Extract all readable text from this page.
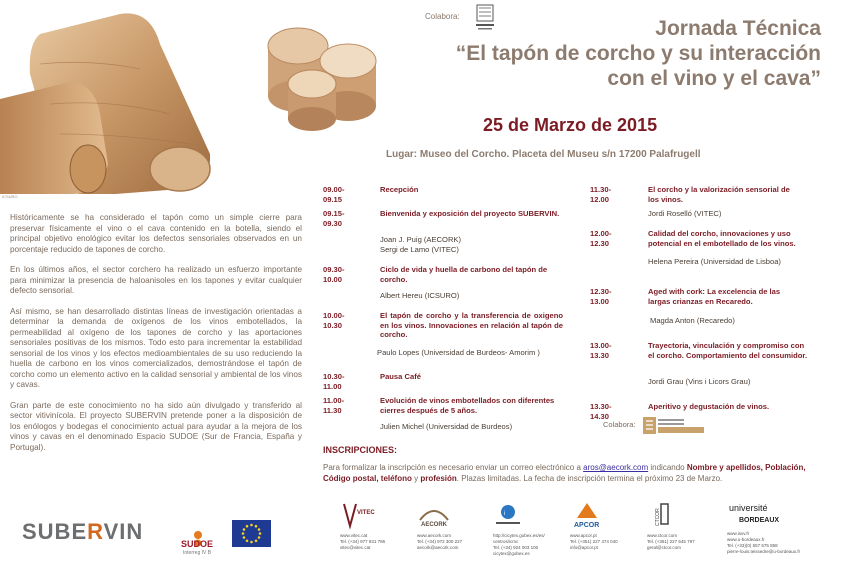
ICSURO
Colabora:
Jornada Técnica
“El tapón de corcho y su interacción
con el vino y el cava”
25 de Marzo de 2015
Lugar: Museo del Corcho. Placeta del Museu s/n 17200 Palafrugell

Históricamente se ha considerado el tapón como un simple cierre para preservar físicamente el vino o el cava contenido en la botella, siendo el principal objetivo enológico evitar los defectos sensoriales observados en un porcentaje reducido de tapones de corcho.

En los últimos años, el sector corchero ha realizado un esfuerzo importante para minimizar la presencia de haloanisoles en los tapones y evitar cualquier defecto sensorial.

Así mismo, se han desarrollado distintas líneas de investigación orientadas a determinar la demanda de oxígenos de los vinos embotellados, la permeabilidad al oxígeno de los tapones de corcho y las aportaciones sensoriales positivas de los mismos. Todo esto para incrementar la estabilidad sensorial de los vinos y los efectos medioambientales de su uso reduciendo la huella de carbono en los vinos comercializados, demostrándose el tapón de corcho como un elemento activo en la calidad sensorial y ambiental de los vinos y cavas.

Gran parte de este conocimiento no ha sido aún divulgado y transferido al sector vitivinícola. El proyecto SUBERVIN pretende poner a la disposición de los enólogos y bodegas el conocimiento actual para ayudar a la mejora de los vinos y cavas en el denominado Espacio SUDOE (Sur de Francia, España y Portugal).

09.00-09.15
Recepción
09.15-09.30
Bienvenida y exposición del proyecto SUBERVIN.
Joan J. Puig (AECORK)
Sergi de Lamo (VITEC)
09.30-10.00
Ciclo de vida y huella de carbono del tapón de corcho.
Albert Hereu (ICSURO)
10.00-10.30
El tapón de corcho y la transferencia de oxigeno en los vinos. Innovaciones en relación al tapón de corcho.
Paulo Lopes (Universidad de Burdeos- Amorim )
10.30-11.00
Pausa Café
11.00-11.30
Evolución de vinos embotellados con diferentes cierres después de 5 años.
Julien Michel (Universidad de Burdeos)
11.30-12.00
El corcho y la valorización sensorial de los vinos.
Jordi Roselló (VITEC)
12.00-12.30
Calidad del corcho, innovaciones y uso potencial en el embotellado de los vinos.
Helena Pereira (Universidad de Lisboa)
12.30-13.00
Aged with cork: La excelencia de las largas crianzas en Recaredo.
Magda Anton (Recaredo)
13.00-13.30
Trayectoria, vinculación y compromiso con el corcho. Comportamiento del consumidor.
Jordi Grau (Vins i Licors Grau)
13.30-14.30
Aperitivo y degustación de vinos.
Colabora:
INSCRIPCIONES:
Para formalizar la inscripción es necesario enviar un correo electrónico a aros@aecork.com indicando Nombre y apellidos, Población, Código postal, teléfono y profesión. Plazas limitadas. La fecha de inscripción termina el próximo 23 de Marzo.
SUBERVIN	SUDOE
Interreg IV B
VITEC
AECORK
i
APCOR	CTCOR
université
BORDEAUX
www.vitec.cat
Tel. (+34) 977 831 786
vitec@vitec.cat
www.aecork.com
Tel. (+34) 972 300 227
aecork@aecork.com
http://cicytex.gobex.es/es/
centros/icmc
Tel. (+34) 924 003 100
cicytex@gobex.es
www.apcor.pt
Tel. (+351) 227 474 040
info@apcor.pt
www.ctcor.com
Tel. (+351) 227 645 797
geral@ctcor.com
www.isvv.fr
www.u-bordeaux.fr
Tel. (+33)(0) 557 575 858
pierre-louis.teissedre@u-bordeaux.fr
